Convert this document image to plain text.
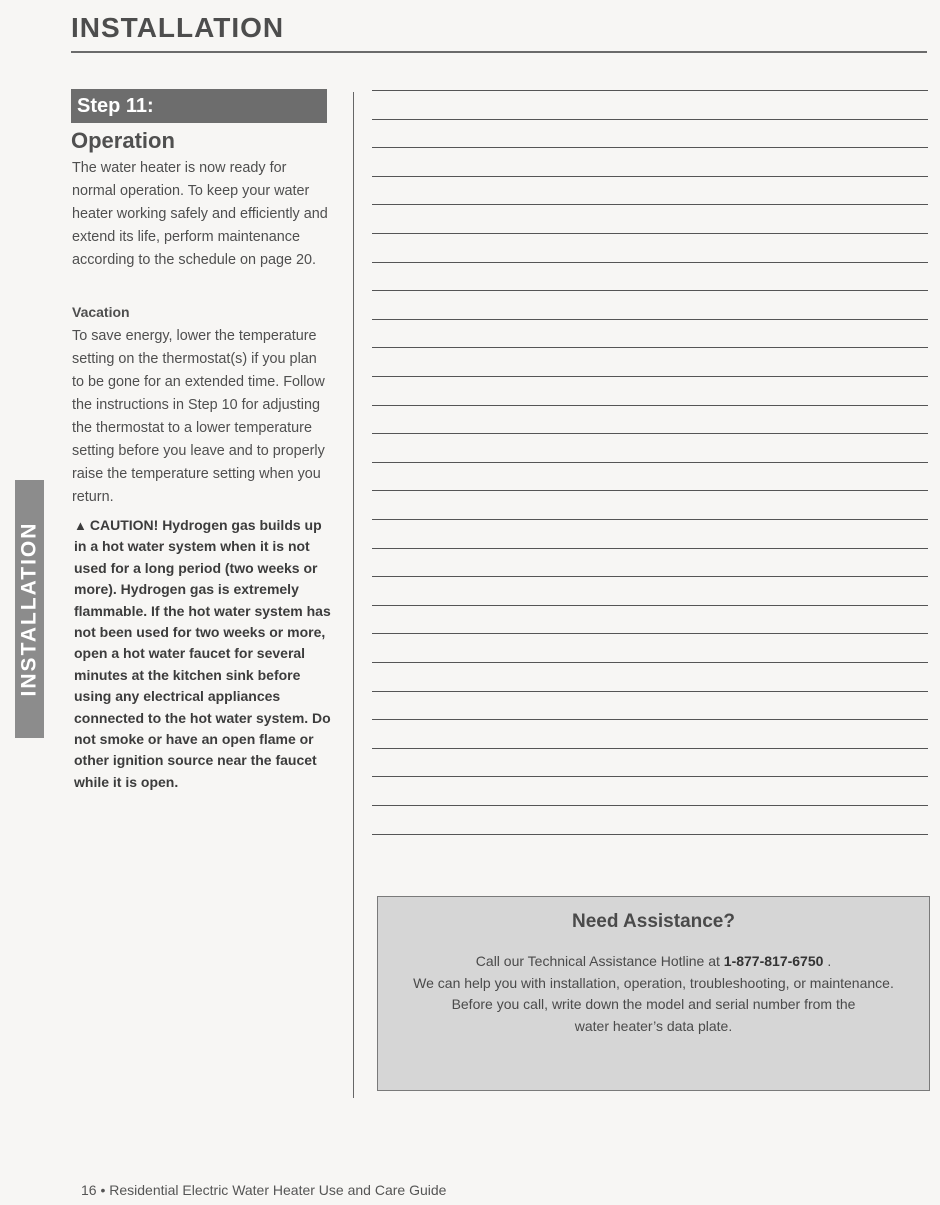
INSTALLATION
INSTALLATION
Step 11:
Operation
The water heater is now ready for normal operation. To keep your water heater working safely and efficiently and extend its life, perform maintenance according to the schedule on page 20.
Vacation
To save energy, lower the temperature setting on the thermostat(s) if you plan to be gone for an extended time. Follow the instructions in Step 10 for adjusting the thermostat to a lower temperature setting before you leave and to properly raise the temperature setting when you return.
▲ CAUTION! Hydrogen gas builds up in a hot water system when it is not used for a long period (two weeks or more). Hydrogen gas is extremely flammable. If the hot water system has not been used for two weeks or more, open a hot water faucet for several minutes at the kitchen sink before using any electrical appliances connected to the hot water system. Do not smoke or have an open flame or other ignition source near the faucet while it is open.
Need Assistance?
Call our Technical Assistance Hotline at 1-877-817-6750 .
We can help you with installation, operation, troubleshooting, or maintenance.
Before you call, write down the model and serial number from the
water heater’s data plate.
16 • Residential Electric Water Heater Use and Care Guide
